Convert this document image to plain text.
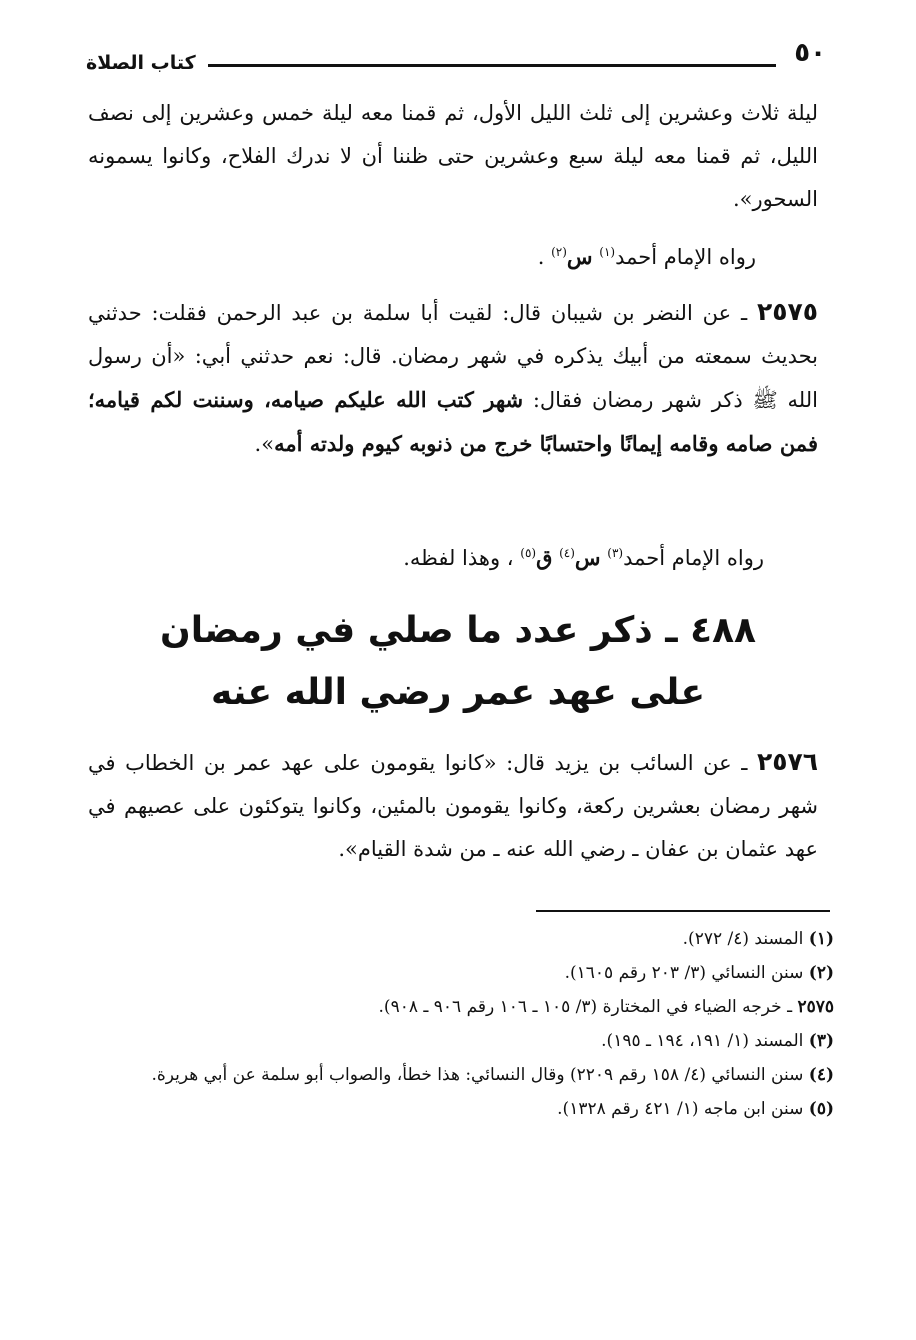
٥٠
كتاب الصلاة

ليلة ثلاث وعشرين إلى ثلث الليل الأول، ثم قمنا معه ليلة خمس وعشرين إلى نصف الليل، ثم قمنا معه ليلة سبع وعشرين حتى ظننا أن لا ندرك الفلاح، وكانوا يسمونه السحور».

رواه الإمام أحمد$^{(١)}$ س$^{(٢)}$ .

٢٥٧٥ ـ عن النضر بن شيبان قال: لقيت أبا سلمة بن عبد الرحمن فقلت: حدثني بحديث سمعته من أبيك يذكره في شهر رمضان. قال: نعم حدثني أبي: «أن رسول الله ﷺ ذكر شهر رمضان فقال: شهر كتب الله عليكم صيامه، وسننت لكم قيامه؛ فمن صامه وقامه إيمانًا واحتسابًا خرج من ذنوبه كيوم ولدته أمه».

رواه الإمام أحمد$^{(٣)}$ س$^{(٤)}$ ق$^{(٥)}$ ، وهذا لفظه.
٤٨٨ ـ ذكر عدد ما صلي في رمضان
على عهد عمر رضي الله عنه

٢٥٧٦ ـ عن السائب بن يزيد قال: «كانوا يقومون على عهد عمر بن الخطاب في شهر رمضان بعشرين ركعة، وكانوا يقومون بالمئين، وكانوا يتوكئون على عصيهم في عهد عثمان بن عفان ـ رضي الله عنه ـ من شدة القيام».

(١) المسند (٤/ ٢٧٢).

(٢) سنن النسائي (٣/ ٢٠٣ رقم ١٦٠٥).

٢٥٧٥ ـ خرجه الضياء في المختارة (٣/ ١٠٥ ـ ١٠٦ رقم ٩٠٦ ـ ٩٠٨).

(٣) المسند (١/ ١٩١، ١٩٤ ـ ١٩٥).

(٤) سنن النسائي (٤/ ١٥٨ رقم ٢٢٠٩) وقال النسائي: هذا خطأ، والصواب أبو سلمة عن أبي هريرة.

(٥) سنن ابن ماجه (١/ ٤٢١ رقم ١٣٢٨).
